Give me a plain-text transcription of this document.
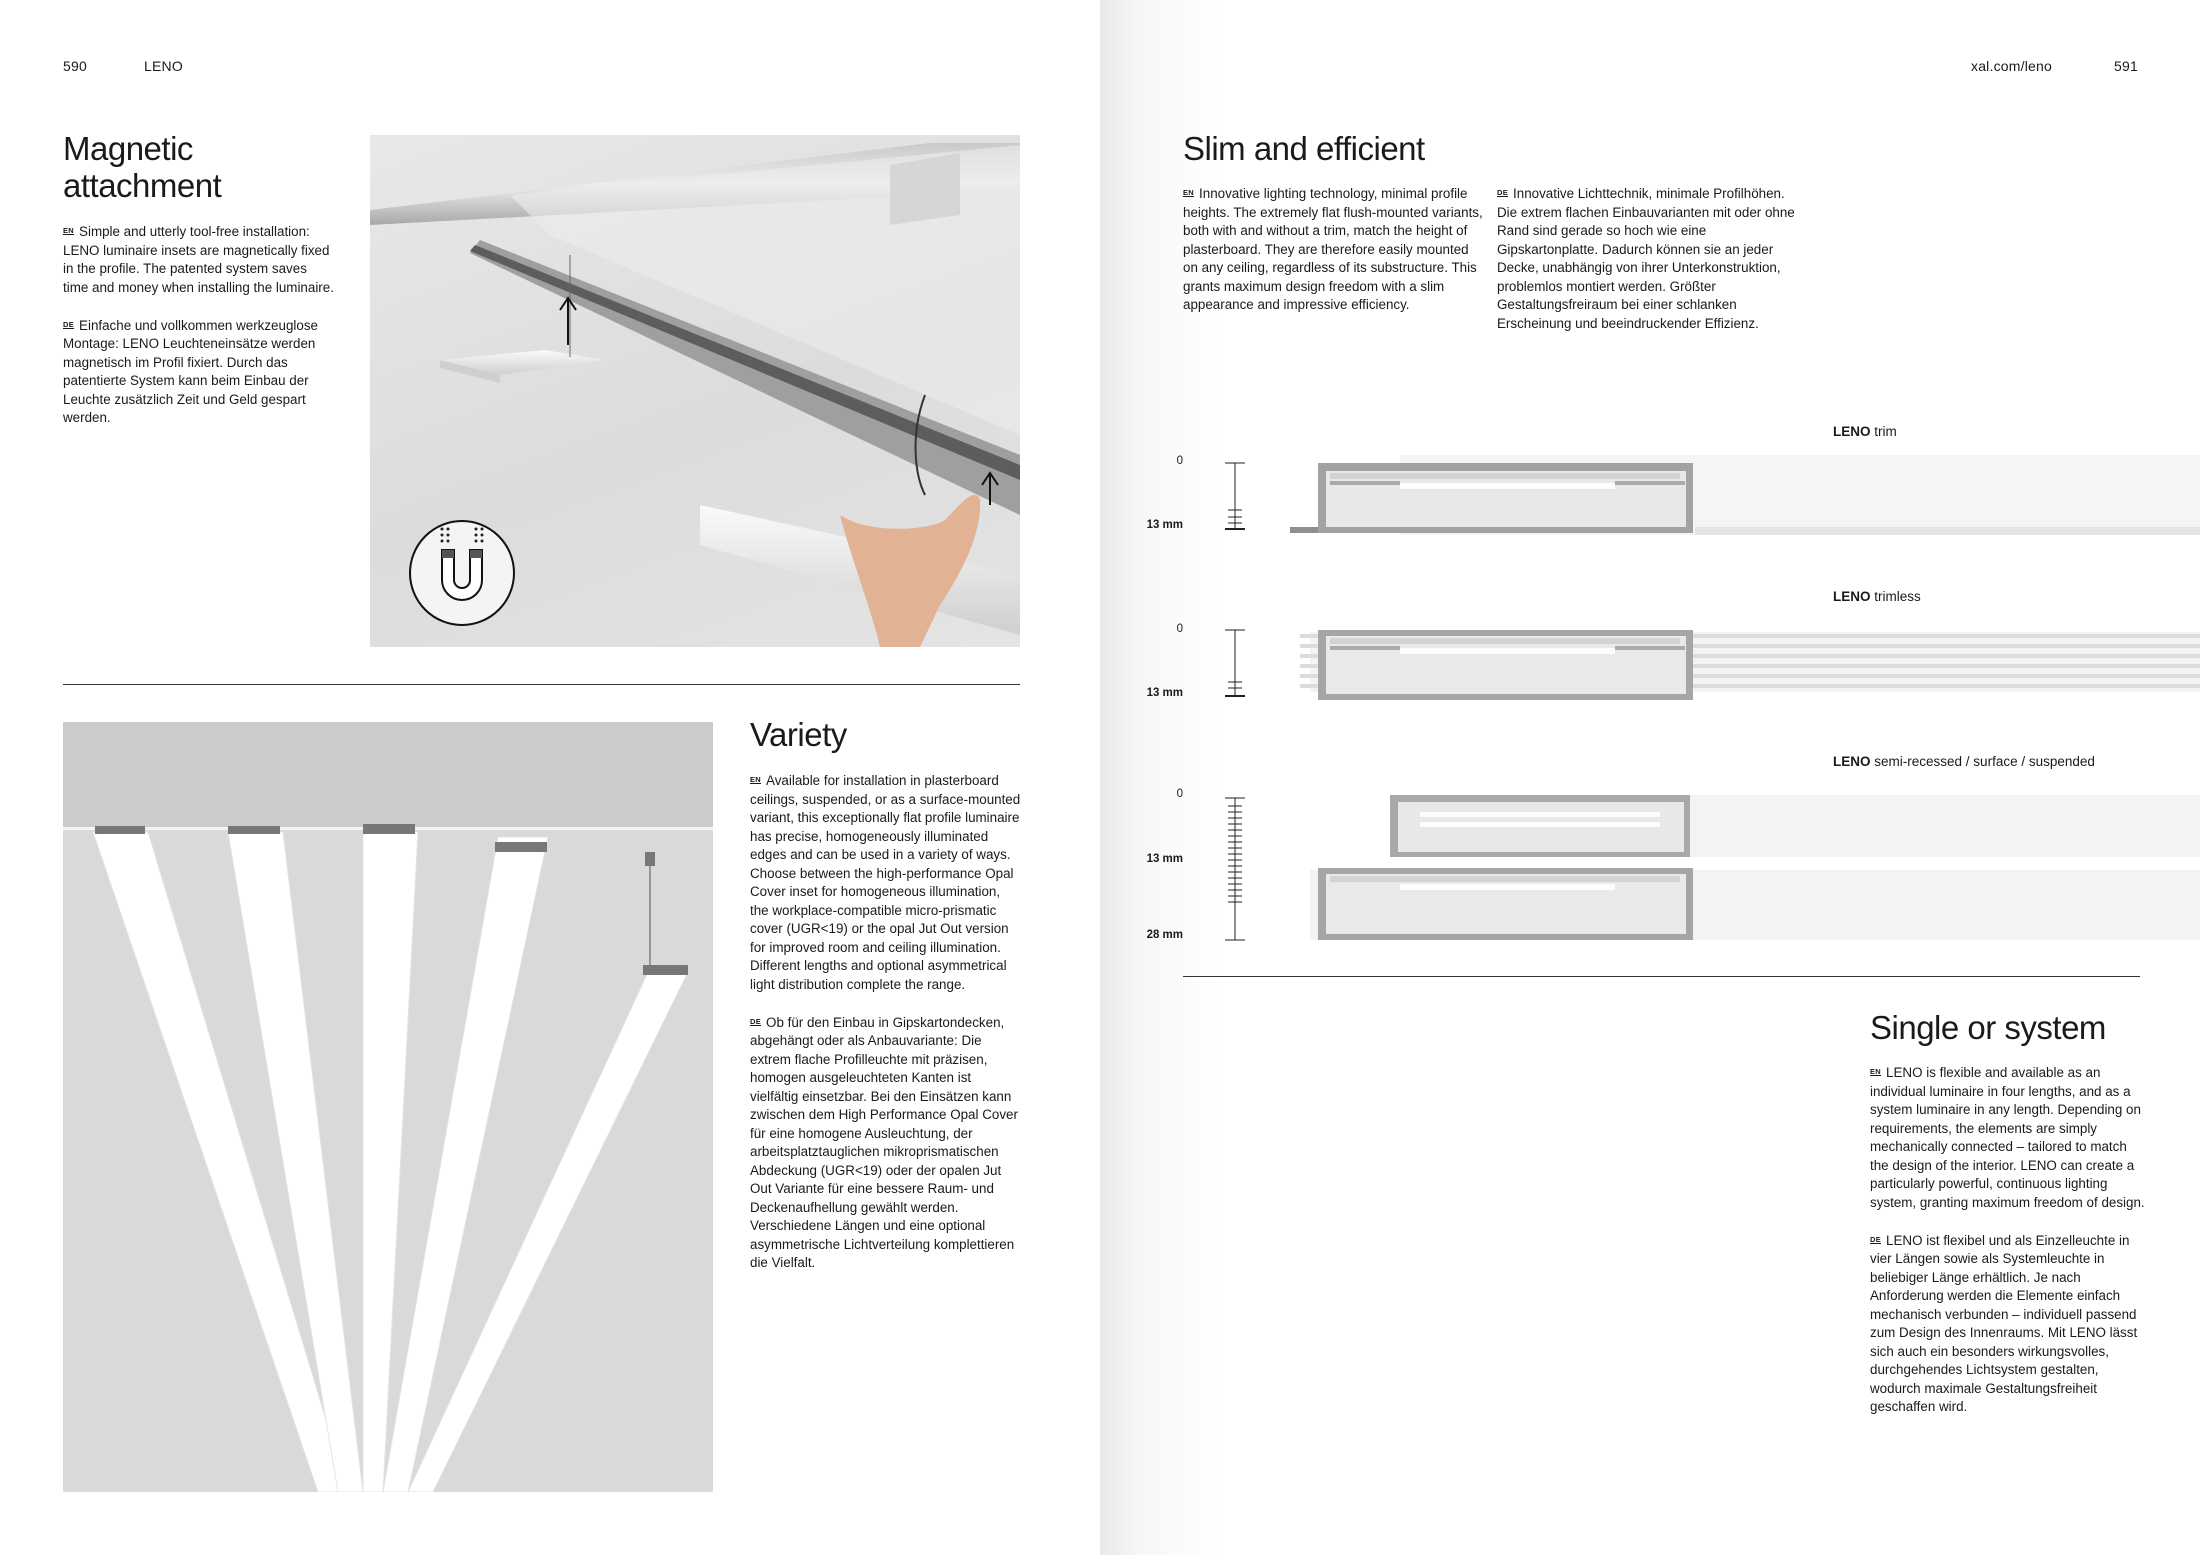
590	LENO
Magnetic
attachment

$^{EN}$ Simple and utterly tool-free installation: LENO luminaire insets are magnetically fixed in the profile. The patented system saves time and money when installing the luminaire.

$^{DE}$ Einfache und vollkommen werkzeuglose Montage: LENO Leuchteneinsätze werden magnetisch im Profil fixiert. Durch das patentierte System kann beim Einbau der Leuchte zusätzlich Zeit und Geld gespart werden.

Variety

$^{EN}$ Available for installation in plasterboard ceilings, suspended, or as a surface-mounted variant, this exceptionally flat profile luminaire has precise, homogeneously illuminated edges and can be used in a variety of ways. Choose between the high-performance Opal Cover inset for homogeneous illumination, the workplace-compatible micro-prismatic cover (UGR<19) or the opal Jut Out version for improved room and ceiling illumination. Different lengths and optional asymmetrical light distribution complete the range.

$^{DE}$ Ob für den Einbau in Gipskartondecken, abgehängt oder als Anbauvariante: Die extrem flache Profilleuchte mit präzisen, homogen ausgeleuchteten Kanten ist vielfältig einsetzbar. Bei den Einsätzen kann zwischen dem High Performance Opal Cover für eine homogene Ausleuchtung, der arbeitsplatztauglichen mikroprismatischen Abdeckung (UGR<19) oder der opalen Jut Out Variante für eine bessere Raum- und Deckenaufhellung gewählt werden. Verschiedene Längen und eine optional asymmetrische Lichtverteilung komplettieren die Vielfalt.

xal.com/leno	591
Slim and efficient
$^{EN}$ Innovative lighting technology, minimal profile heights. The extremely flat flush-mounted variants, both with and without a trim, match the height of plasterboard. They are therefore easily mounted on any ceiling, regardless of its substructure. This grants maximum design freedom with a slim appearance and impressive efficiency.
$^{DE}$ Innovative Lichttechnik, minimale Profilhöhen. Die extrem flachen Einbauvarianten mit oder ohne Rand sind gerade so hoch wie eine Gipskartonplatte. Dadurch können sie an jeder Decke, unabhängig von ihrer Unterkonstruktion, problemlos montiert werden. Größter Gestaltungsfreiraum bei einer schlanken Erscheinung und beeindruckender Effizienz.
LENO trim
0
13 mm
LENO trimless
0
13 mm
LENO semi-recessed / surface / suspended
0
13 mm
28 mm
Single or system

$^{EN}$ LENO is flexible and available as an individual luminaire in four lengths, and as a system luminaire in any length. Depending on requirements, the elements are simply mechanically connected – tailored to match the design of the interior. LENO can create a particularly powerful, continuous lighting system, granting maximum freedom of design.

$^{DE}$ LENO ist flexibel und als Einzelleuchte in vier Längen sowie als Systemleuchte in beliebiger Länge erhältlich. Je nach Anforderung werden die Elemente einfach mechanisch verbunden – individuell passend zum Design des Innenraums. Mit LENO lässt sich auch ein besonders wirkungsvolles, durchgehendes Lichtsystem gestalten, wodurch maximale Gestaltungsfreiheit geschaffen wird.
